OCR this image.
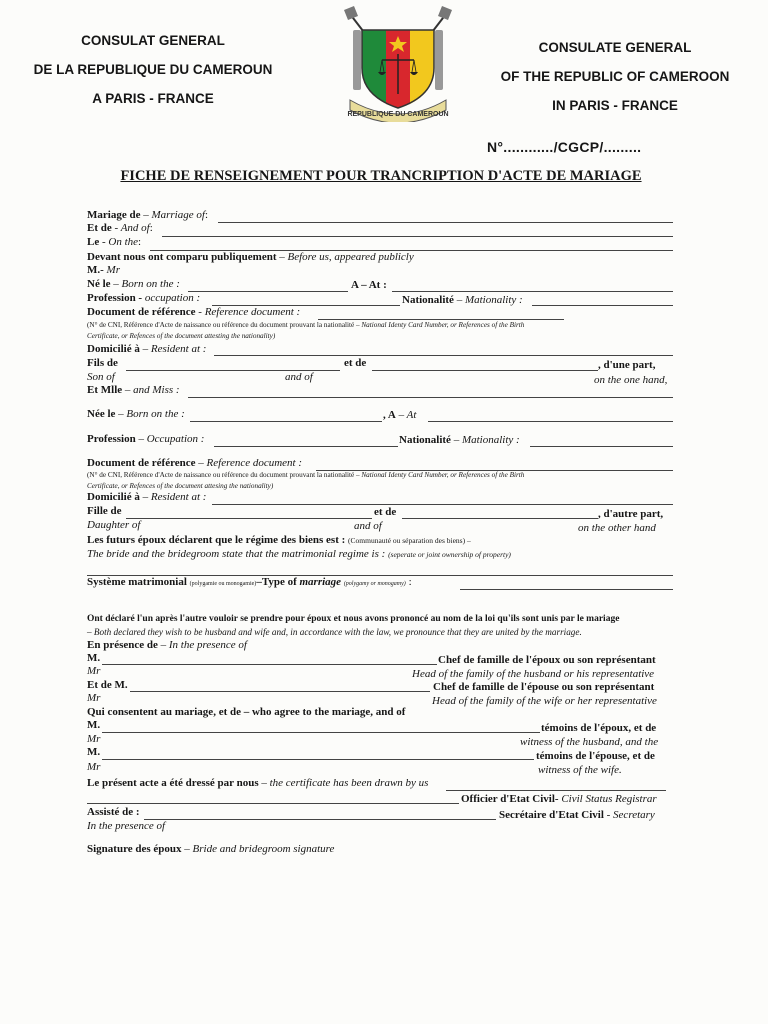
CONSULAT GENERAL
DE LA REPUBLIQUE DU CAMEROUN
A PARIS - FRANCE
REPUBLIQUE DU CAMEROUN
CONSULATE GENERAL
OF THE REPUBLIC OF CAMEROON
IN PARIS - FRANCE
N°............/CGCP/.........
FICHE DE RENSEIGNEMENT POUR TRANCRIPTION D'ACTE DE MARIAGE
Mariage de – Marriage of:
Et de - And of:
Le - On the:
Devant nous ont comparu publiquement – Before us, appeared publicly
M.- Mr
Né le – Born on the :	A – At :
Profession - occupation :	Nationalité – Mationality :
Document de référence - Reference document :
(N° de CNI, Référence d'Acte de naissance ou référence du document prouvant la nationalité – National Identy Card Number, or References of the Birth
Certificate, or Refences of the document attesting the nationality)
Domicilié à – Resident at :
Fils de	et de	, d'une part,
Son of	and of	on the one hand,
Et Mlle – and Miss :
Née le – Born on the :	, A – At
Profession – Occupation :	Nationalité – Mationality :
Document de référence – Reference document :
(N° de CNI, Référence d'Acte de naissance ou référence du document prouvant la nationalité – National Identy Card Number, or References of the Birth
Certificate, or Refences of the document attesing the nationality)
Domicilié à – Resident at :
Fille de	et de	, d'autre part,
Daughter of	and of	on the other hand
Les futurs époux déclarent que le régime des biens est : (Communauté ou séparation des biens) –
The bride and the bridegroom state that the matrimonial regime is : (seperate or joint ownership of property)
Système matrimonial (polygamie ou monogamie)–Type of marriage (polygamy or monogamy) :
Ont déclaré l'un après l'autre vouloir se prendre pour époux et nous avons prononcé au nom de la loi qu'ils sont unis par le mariage
– Both declared they wish to be husband and wife and, in accordance with the law, we pronounce that they are united by the marriage.
En présence de – In the presence of
M.	Chef de famille de l'époux ou son représentant
Mr	Head of the family of the husband or his representative
Et de M.	Chef de famille de l'épouse ou son représentant
Mr	Head of the family of the wife or her representative
Qui consentent au mariage, et de – who agree to the mariage, and of
M.	témoins de l'époux, et de
Mr	witness of the husband, and the
M.	témoins de l'épouse, et de
Mr	witness of the wife.
Le présent acte a été dressé par nous – the certificate has been drawn by us
Officier d'Etat Civil- Civil Status Registrar
Assisté de :	Secrétaire d'Etat Civil - Secretary
In the presence of
Signature des époux – Bride and bridegroom signature
